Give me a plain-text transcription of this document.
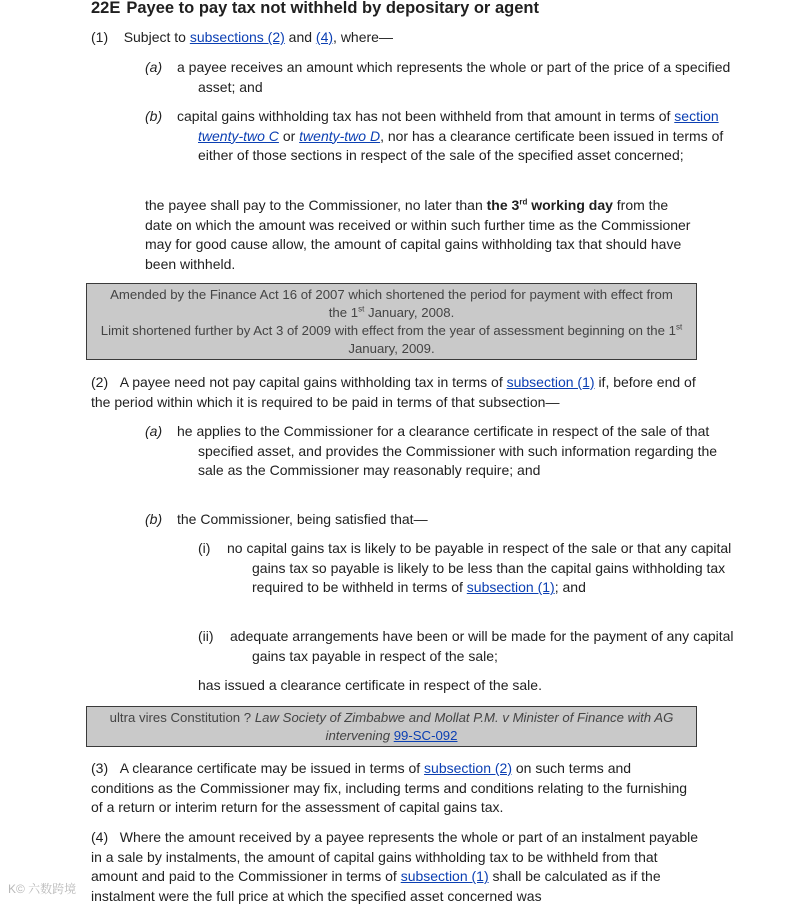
22E Payee to pay tax not withheld by depositary or agent

(1) Subject to subsections (2) and (4), where—

(a) a payee receives an amount which represents the whole or part of the price of a specified asset; and

(b) capital gains withholding tax has not been withheld from that amount in terms of section twenty-two C or twenty-two D, nor has a clearance certificate been issued in terms of either of those sections in respect of the sale of the specified asset concerned;

the payee shall pay to the Commissioner, no later than the 3rd working day from the date on which the amount was received or within such further time as the Commissioner may for good cause allow, the amount of capital gains withholding tax that should have been withheld.

Amended by the Finance Act 16 of 2007 which shortened the period for payment with effect from
the 1st January, 2008.
Limit shortened further by Act 3 of 2009 with effect from the year of assessment beginning on the 1st
January, 2009.

(2) A payee need not pay capital gains withholding tax in terms of subsection (1) if, before end of the period within which it is required to be paid in terms of that subsection—

(a) he applies to the Commissioner for a clearance certificate in respect of the sale of that specified asset, and provides the Commissioner with such information regarding the sale as the Commissioner may reasonably require; and

(b) the Commissioner, being satisfied that—

(i) no capital gains tax is likely to be payable in respect of the sale or that any capital gains tax so payable is likely to be less than the capital gains withholding tax required to be withheld in terms of subsection (1); and

(ii) adequate arrangements have been or will be made for the payment of any capital gains tax payable in respect of the sale;

has issued a clearance certificate in respect of the sale.

ultra vires Constitution ? Law Society of Zimbabwe and Mollat P.M. v Minister of Finance with AG intervening 99-SC-092

(3) A clearance certificate may be issued in terms of subsection (2) on such terms and conditions as the Commissioner may fix, including terms and conditions relating to the furnishing of a return or interim return for the assessment of capital gains tax.

(4) Where the amount received by a payee represents the whole or part of an instalment payable in a sale by instalments, the amount of capital gains withholding tax to be withheld from that amount and paid to the Commissioner in terms of subsection (1) shall be calculated as if the instalment were the full price at which the specified asset concerned was

K© 六数跨境
